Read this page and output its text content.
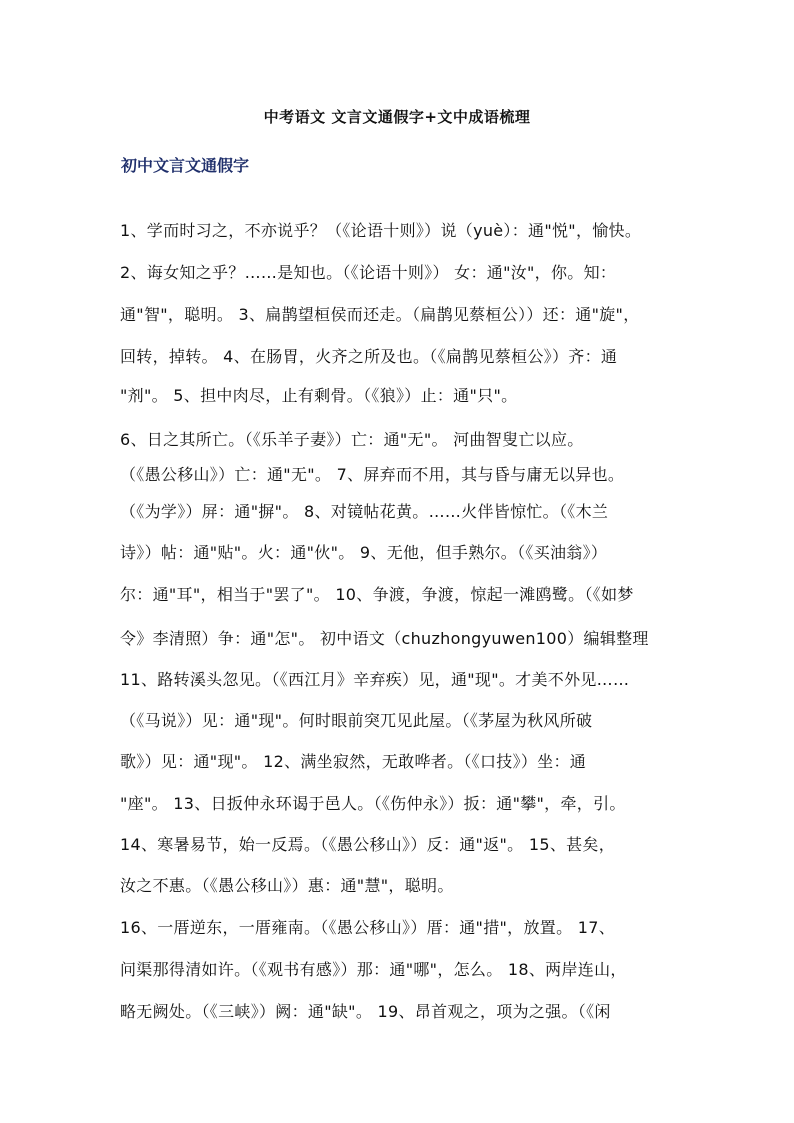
中考语文 文言文通假字+文中成语梳理
初中文言文通假字
1、学而时习之，不亦说乎？（《论语十则》）说（yuè）：通"悦"，愉快。
2、诲女知之乎？……是知也。（《论语十则》） 女：通"汝"，你。知：
通"智"，聪明。 3、扁鹊望桓侯而还走。（扁鹊见蔡桓公））还：通"旋"，
回转，掉转。 4、在肠胃，火齐之所及也。（《扁鹊见蔡桓公》）齐：通
"剂"。 5、担中肉尽，止有剩骨。（《狼》）止：通"只"。
6、日之其所亡。（《乐羊子妻》）亡：通"无"。 河曲智叟亡以应。
（《愚公移山》）亡：通"无"。 7、屏弃而不用，其与昏与庸无以异也。
（《为学》）屏：通"摒"。 8、对镜帖花黄。……火伴皆惊忙。（《木兰
诗》）帖：通"贴"。火：通"伙"。 9、无他，但手熟尔。（《买油翁》）
尔：通"耳"，相当于"罢了"。 10、争渡，争渡，惊起一滩鸥鹭。（《如梦
令》李清照）争：通"怎"。 初中语文（chuzhongyuwen100）编辑整理
11、路转溪头忽见。（《西江月》辛弃疾）见，通"现"。才美不外见……
（《马说》）见：通"现"。何时眼前突兀见此屋。（《茅屋为秋风所破
歌》）见：通"现"。 12、满坐寂然，无敢哗者。（《口技》）坐：通
"座"。 13、日扳仲永环谒于邑人。（《伤仲永》）扳：通"攀"，牵，引。
14、寒暑易节，始一反焉。（《愚公移山》）反：通"返"。 15、甚矣，
汝之不惠。（《愚公移山》）惠：通"慧"，聪明。
16、一厝逆东，一厝雍南。（《愚公移山》）厝：通"措"，放置。 17、
问渠那得清如许。（《观书有感》）那：通"哪"，怎么。 18、两岸连山，
略无阙处。（《三峡》）阙：通"缺"。 19、昂首观之，项为之强。（《闲
